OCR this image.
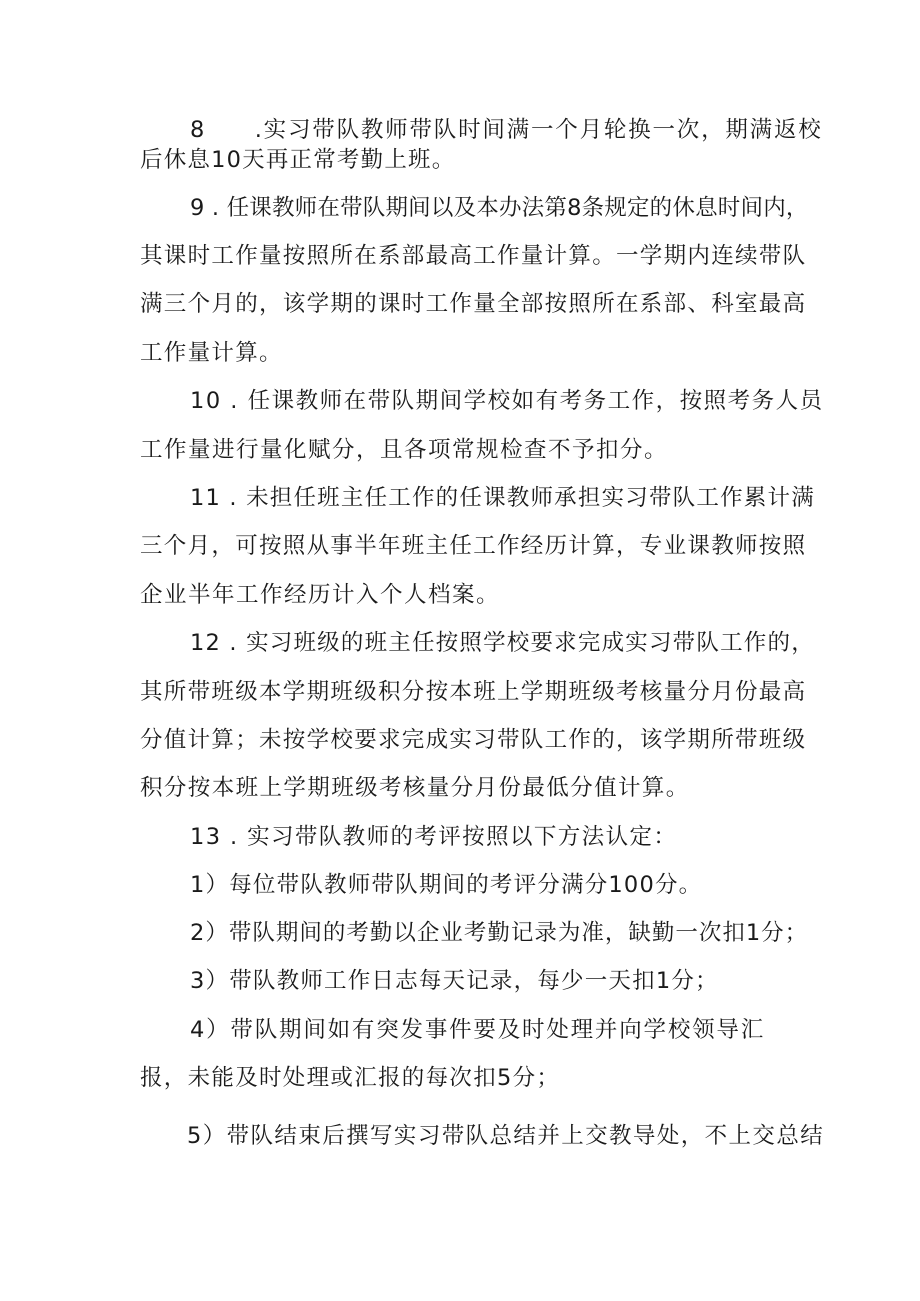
8　　.实习带队教师带队时间满一个月轮换一次，期满返校
后休息10天再正常考勤上班。
9 . 任课教师在带队期间以及本办法第8条规定的休息时间内，
其课时工作量按照所在系部最高工作量计算。一学期内连续带队
满三个月的，该学期的课时工作量全部按照所在系部、科室最高
工作量计算。
10 . 任课教师在带队期间学校如有考务工作，按照考务人员
工作量进行量化赋分，且各项常规检查不予扣分。
11 . 未担任班主任工作的任课教师承担实习带队工作累计满
三个月，可按照从事半年班主任工作经历计算，专业课教师按照
企业半年工作经历计入个人档案。
12 . 实习班级的班主任按照学校要求完成实习带队工作的，
其所带班级本学期班级积分按本班上学期班级考核量分月份最高
分值计算；未按学校要求完成实习带队工作的，该学期所带班级
积分按本班上学期班级考核量分月份最低分值计算。
13 . 实习带队教师的考评按照以下方法认定：
1）每位带队教师带队期间的考评分满分100分。
2）带队期间的考勤以企业考勤记录为准，缺勤一次扣1分；
3）带队教师工作日志每天记录，每少一天扣1分；
4）带队期间如有突发事件要及时处理并向学校领导汇
报，未能及时处理或汇报的每次扣5分；
5）带队结束后撰写实习带队总结并上交教导处，不上交总结
